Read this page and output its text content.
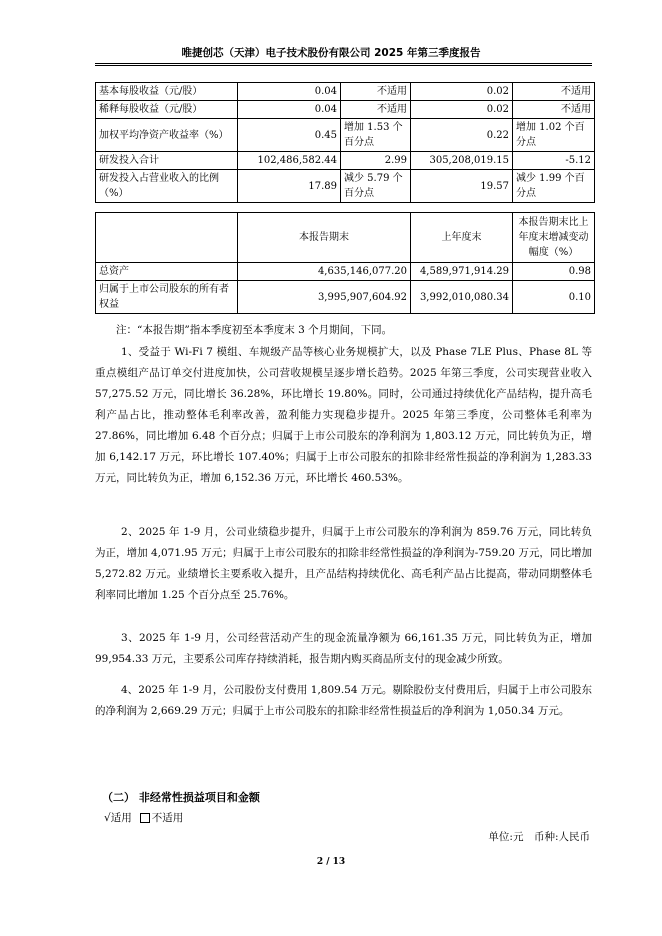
唯捷创芯（天津）电子技术股份有限公司 2025 年第三季度报告
基本每股收益（元/股）	0.04	不适用	0.02	不适用
稀释每股收益（元/股）	0.04	不适用	0.02	不适用
加权平均净资产收益率（%）	0.45	增加 1.53 个百分点	0.22	增加 1.02 个百分点
研发投入合计	102,486,582.44	2.99	305,208,019.15	-5.12
研发投入占营业收入的比例（%）	17.89	减少 5.79 个百分点	19.57	减少 1.99 个百分点
	本报告期末	上年度末	本报告期末比上年度末增减变动幅度（%）
总资产	4,635,146,077.20	4,589,971,914.29	0.98
归属于上市公司股东的所有者权益	3,995,907,604.92	3,992,010,080.34	0.10
注：“本报告期”指本季度初至本季度末 3 个月期间，下同。
1、受益于 Wi-Fi 7 模组、车规级产品等核心业务规模扩大，以及 Phase 7LE Plus、Phase 8L 等重点模组产品订单交付进度加快，公司营收规模呈逐步增长趋势。2025 年第三季度，公司实现营业收入 57,275.52 万元，同比增长 36.28%，环比增长 19.80%。同时，公司通过持续优化产品结构，提升高毛利产品占比，推动整体毛利率改善，盈利能力实现稳步提升。2025 年第三季度，公司整体毛利率为 27.86%，同比增加 6.48 个百分点；归属于上市公司股东的净利润为 1,803.12 万元，同比转负为正，增加 6,142.17 万元，环比增长 107.40%；归属于上市公司股东的扣除非经常性损益的净利润为 1,283.33 万元，同比转负为正，增加 6,152.36 万元，环比增长 460.53%。
2、2025 年 1-9 月，公司业绩稳步提升，归属于上市公司股东的净利润为 859.76 万元，同比转负为正，增加 4,071.95 万元；归属于上市公司股东的扣除非经常性损益的净利润为-759.20 万元，同比增加 5,272.82 万元。业绩增长主要系收入提升，且产品结构持续优化、高毛利产品占比提高，带动同期整体毛利率同比增加 1.25 个百分点至 25.76%。
3、2025 年 1-9 月，公司经营活动产生的现金流量净额为 66,161.35 万元，同比转负为正，增加 99,954.33 万元，主要系公司库存持续消耗，报告期内购买商品所支付的现金减少所致。
4、2025 年 1-9 月，公司股份支付费用 1,809.54 万元。剔除股份支付费用后，归属于上市公司股东的净利润为 2,669.29 万元；归属于上市公司股东的扣除非经常性损益后的净利润为 1,050.34 万元。
（二） 非经常性损益项目和金额
√适用 不适用
单位:元　币种:人民币
2 / 13
